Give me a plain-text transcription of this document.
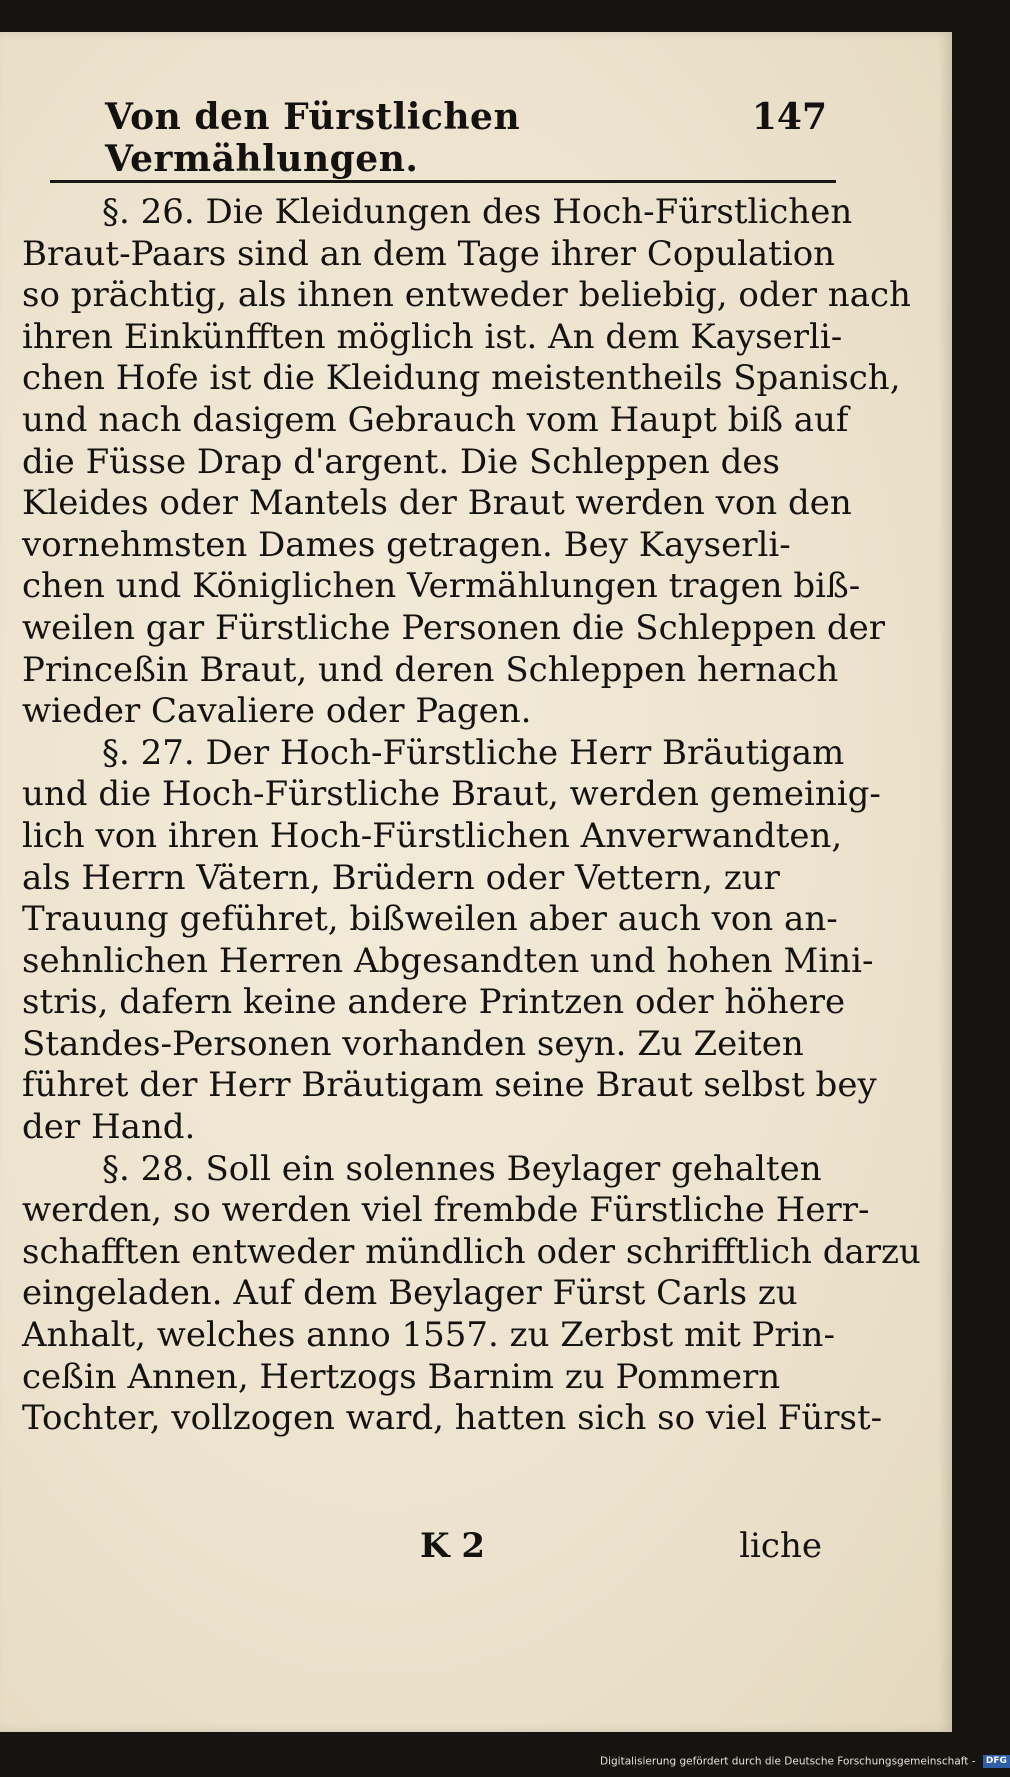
Von den Fürstlichen Vermählungen.
147
§. 26. Die Kleidungen des Hoch-Fürstlichen
Braut-Paars sind an dem Tage ihrer Copulation
so prächtig, als ihnen entweder beliebig, oder nach
ihren Einkünfften möglich ist. An dem Kayserli-
chen Hofe ist die Kleidung meistentheils Spanisch,
und nach dasigem Gebrauch vom Haupt biß auf
die Füsse Drap d'argent. Die Schleppen des
Kleides oder Mantels der Braut werden von den
vornehmsten Dames getragen. Bey Kayserli-
chen und Königlichen Vermählungen tragen biß-
weilen gar Fürstliche Personen die Schleppen der
Princeßin Braut, und deren Schleppen hernach
wieder Cavaliere oder Pagen.
§. 27. Der Hoch-Fürstliche Herr Bräutigam
und die Hoch-Fürstliche Braut, werden gemeinig-
lich von ihren Hoch-Fürstlichen Anverwandten,
als Herrn Vätern, Brüdern oder Vettern, zur
Trauung geführet, bißweilen aber auch von an-
sehnlichen Herren Abgesandten und hohen Mini-
stris, dafern keine andere Printzen oder höhere
Standes-Personen vorhanden seyn. Zu Zeiten
führet der Herr Bräutigam seine Braut selbst bey
der Hand.
§. 28. Soll ein solennes Beylager gehalten
werden, so werden viel frembde Fürstliche Herr-
schafften entweder mündlich oder schrifftlich darzu
eingeladen. Auf dem Beylager Fürst Carls zu
Anhalt, welches anno 1557. zu Zerbst mit Prin-
ceßin Annen, Hertzogs Barnim zu Pommern
Tochter, vollzogen ward, hatten sich so viel Fürst-
K 2	liche
Digitalisierung gefördert durch die Deutsche Forschungsgemeinschaft - DFG
